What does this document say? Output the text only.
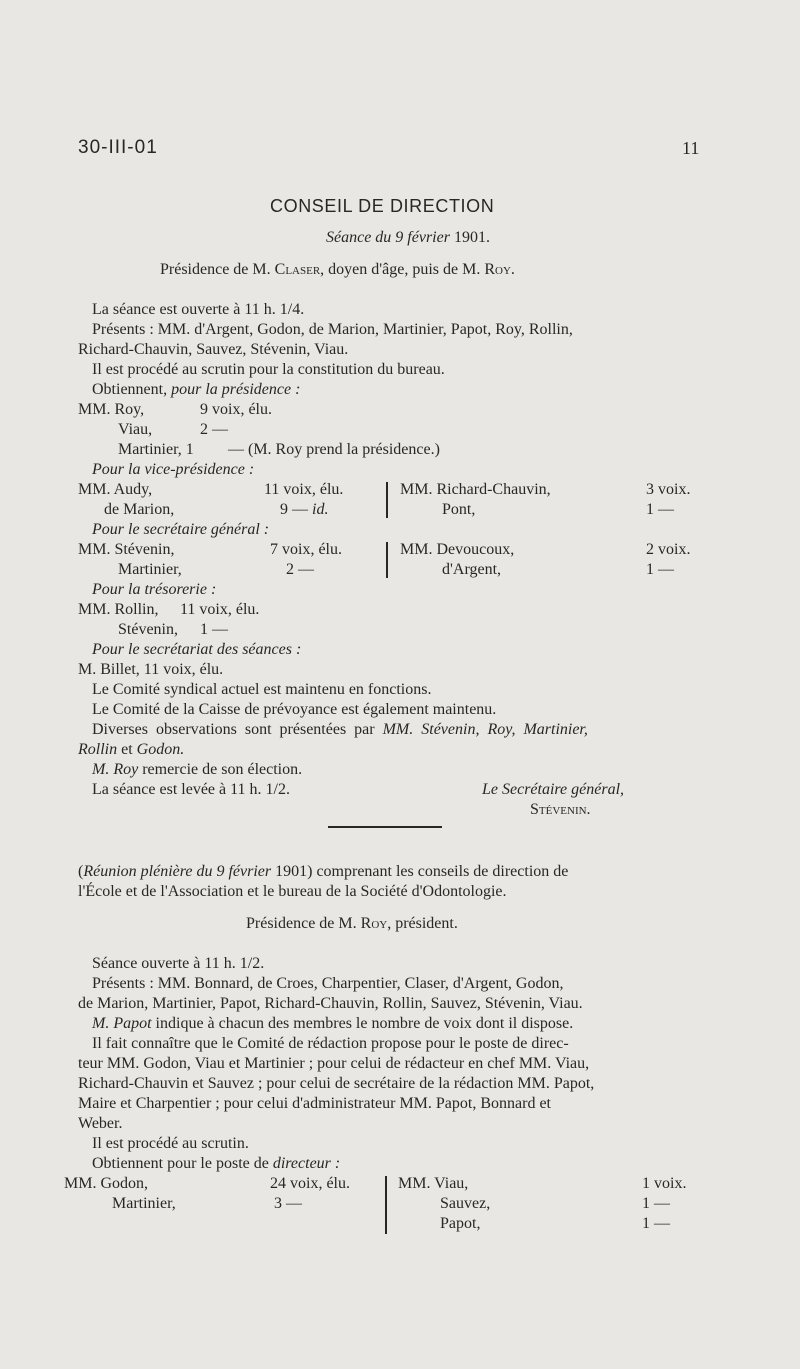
30-III-01	11
CONSEIL DE DIRECTION
Séance du 9 février 1901.
Présidence de M. Claser, doyen d'âge, puis de M. Roy.
La séance est ouverte à 11 h. 1/4.
Présents : MM. d'Argent, Godon, de Marion, Martinier, Papot, Roy, Rollin,
Richard-Chauvin, Sauvez, Stévenin, Viau.
Il est procédé au scrutin pour la constitution du bureau.
Obtiennent, pour la présidence :
MM. Roy,	9 voix, élu.
Viau,	2 —
Martinier, 1 — (M. Roy prend la présidence.)
Pour la vice-présidence :
MM. Audy,	11 voix, élu.
de Marion,	9 — id.
MM. Richard-Chauvin,	3 voix.
Pont,	1 —
Pour le secrétaire général :
MM. Stévenin,	7 voix, élu.
Martinier,	2 —
MM. Devoucoux,	2 voix.
d'Argent,	1 —
Pour la trésorerie :
MM. Rollin, 11 voix, élu.
Stévenin, 1 —
Pour le secrétariat des séances :
M. Billet, 11 voix, élu.
Le Comité syndical actuel est maintenu en fonctions.
Le Comité de la Caisse de prévoyance est également maintenu.
Diverses observations sont présentées par MM. Stévenin, Roy, Martinier,
Rollin et Godon.
M. Roy remercie de son élection.
La séance est levée à 11 h. 1/2.	Le Secrétaire général,
Stévenin.
(Réunion plénière du 9 février 1901) comprenant les conseils de direction de
l'École et de l'Association et le bureau de la Société d'Odontologie.
Présidence de M. Roy, président.
Séance ouverte à 11 h. 1/2.
Présents : MM. Bonnard, de Croes, Charpentier, Claser, d'Argent, Godon,
de Marion, Martinier, Papot, Richard-Chauvin, Rollin, Sauvez, Stévenin, Viau.
M. Papot indique à chacun des membres le nombre de voix dont il dispose.
Il fait connaître que le Comité de rédaction propose pour le poste de direc-
teur MM. Godon, Viau et Martinier ; pour celui de rédacteur en chef MM. Viau,
Richard-Chauvin et Sauvez ; pour celui de secrétaire de la rédaction MM. Papot,
Maire et Charpentier ; pour celui d'administrateur MM. Papot, Bonnard et
Weber.
Il est procédé au scrutin.
Obtiennent pour le poste de directeur :
MM. Godon,	24 voix, élu.
Martinier,	3 —
MM. Viau,	1 voix.
Sauvez,	1 —
Papot,	1 —
